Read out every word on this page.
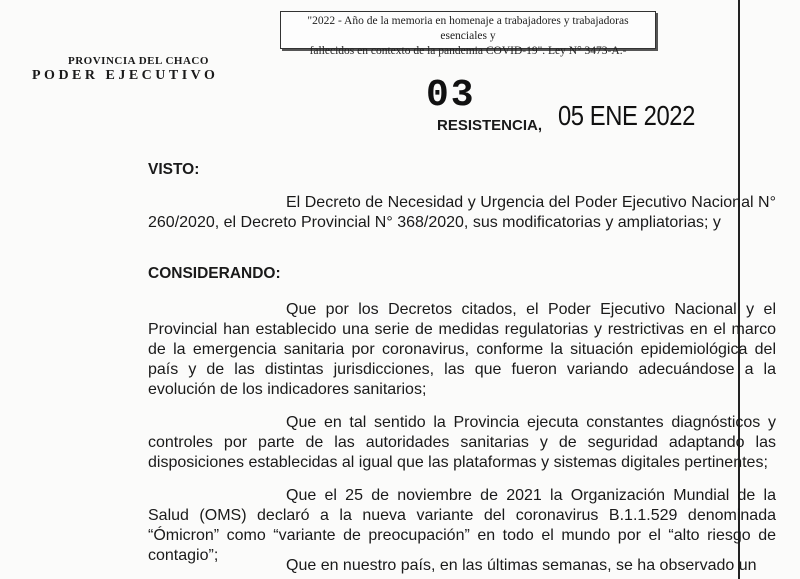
"2022 - Año de la memoria en homenaje a trabajadores y trabajadoras esenciales y
fallecidos en contexto de la pandemia COVID-19". Ley N° 3473-A.-
PROVINCIA DEL CHACO
PODER EJECUTIVO	03
RESISTENCIA, 05 ENE 2022
VISTO:

El Decreto de Necesidad y Urgencia del Poder Ejecutivo Nacional N° 260/2020, el Decreto Provincial N° 368/2020, sus modificatorias y ampliatorias; y

CONSIDERANDO:

Que por los Decretos citados, el Poder Ejecutivo Nacional y el Provincial han establecido una serie de medidas regulatorias y restrictivas en el marco de la emergencia sanitaria por coronavirus, conforme la situación epidemiológica del país y de las distintas jurisdicciones, las que fueron variando adecuándose a la evolución de los indicadores sanitarios;

Que en tal sentido la Provincia ejecuta constantes diagnósticos y controles por parte de las autoridades sanitarias y de seguridad adaptando las disposiciones establecidas al igual que las plataformas y sistemas digitales pertinentes;

Que el 25 de noviembre de 2021 la Organización Mundial de la Salud (OMS) declaró a la nueva variante del coronavirus B.1.1.529 denominada “Ómicron” como “variante de preocupación” en todo el mundo por el “alto riesgo de contagio”;

Que en nuestro país, en las últimas semanas, se ha observado un
